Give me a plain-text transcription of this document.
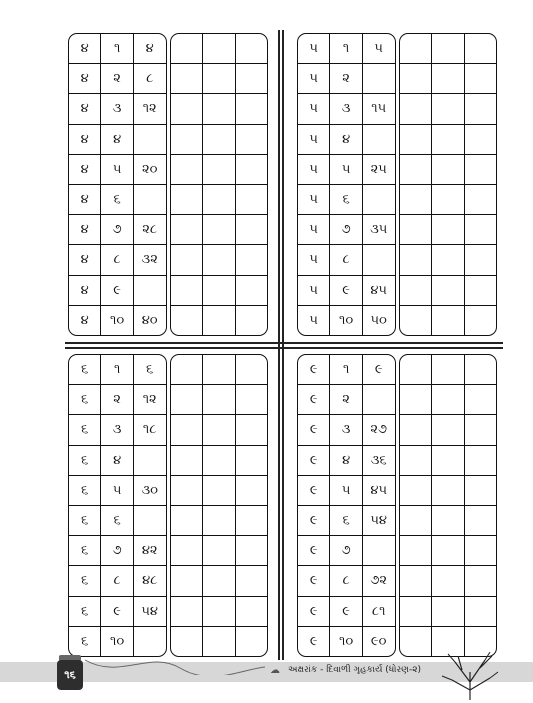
૪	૧	૪
૪	૨	૮
૪	૩	૧૨
૪	૪	
૪	૫	૨૦
૪	૬	
૪	૭	૨૮
૪	૮	૩૨
૪	૯	
૪	૧૦	૪૦

૫	૧	૫
૫	૨	
૫	૩	૧૫
૫	૪	
૫	૫	૨૫
૫	૬	
૫	૭	૩૫
૫	૮	
૫	૯	૪૫
૫	૧૦	૫૦

૬	૧	૬
૬	૨	૧૨
૬	૩	૧૮
૬	૪	
૬	૫	૩૦
૬	૬	
૬	૭	૪૨
૬	૮	૪૮
૬	૯	૫૪
૬	૧૦	

૯	૧	૯
૯	૨	
૯	૩	૨૭
૯	૪	૩૬
૯	૫	૪૫
૯	૬	૫૪
૯	૭	
૯	૮	૭૨
૯	૯	૮૧
૯	૧૦	૯૦

૧૬	☁ અક્ષરાંક - દિવાળી ગૃહકાર્ય (ધોરણ-૨)
